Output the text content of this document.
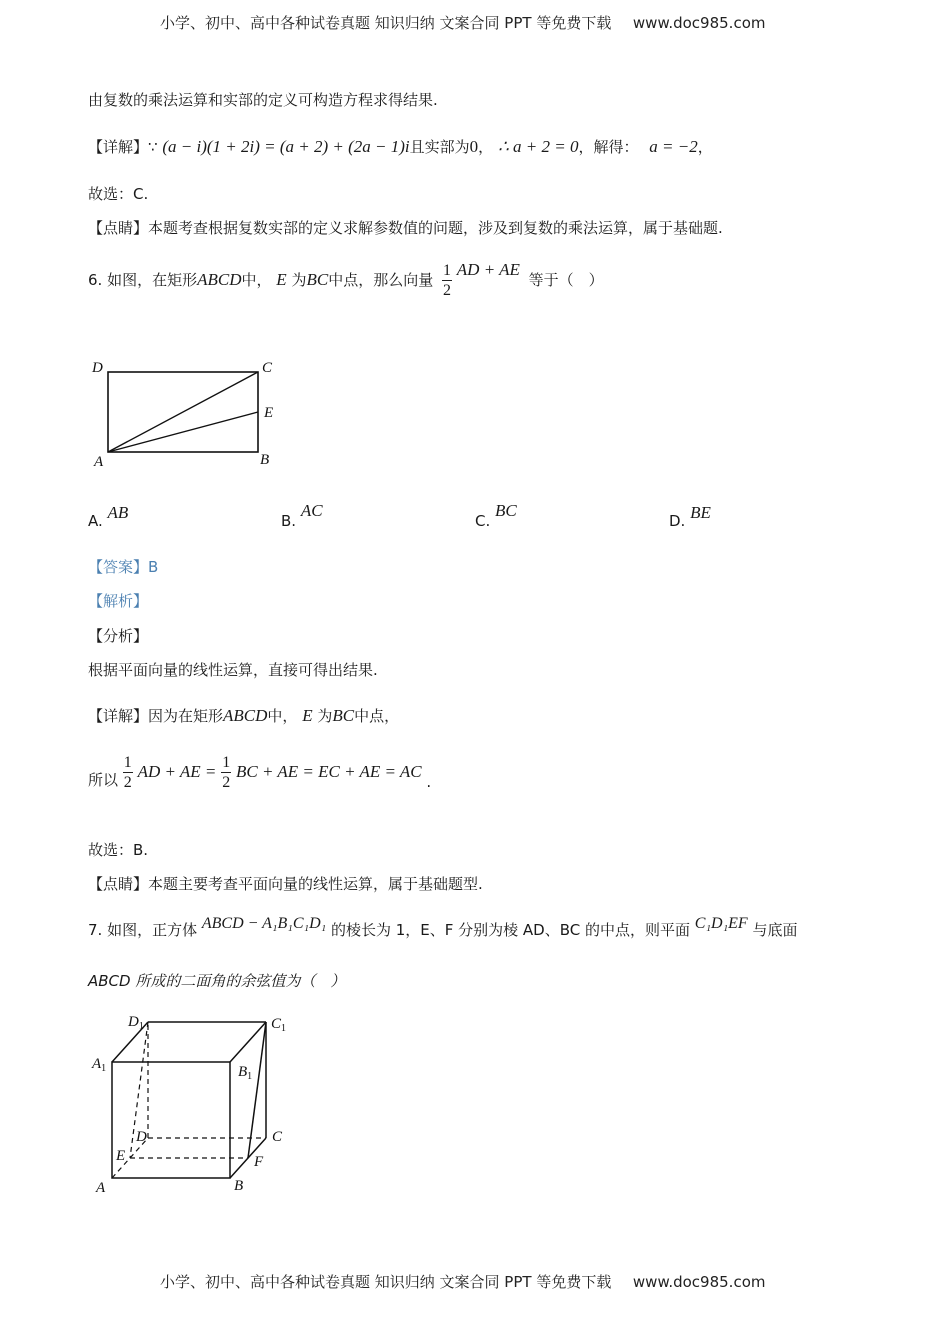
小学、初中、高中各种试卷真题 知识归纳 文案合同 PPT 等免费下载 www.doc985.com
由复数的乘法运算和实部的定义可构造方程求得结果.
【详解】∵ (a − i)(1 + 2i) = (a + 2) + (2a − 1)i且实部为0， ∴ a + 2 = 0，解得： a = −2，
故选：C.
【点睛】本题考查根据复数实部的定义求解参数值的问题，涉及到复数的乘法运算，属于基础题.
6. 如图，在矩形ABCD中， E 为BC中点，那么向量 $\frac{1}{2}$ AD + AE 等于（　）
D	C
E
A	B
A. AB	B. AC
C. BC
D. BE
【答案】B
【解析】
【分析】
根据平面向量的线性运算，直接可得出结果.
【详解】因为在矩形ABCD中， E 为BC中点，
所以 $\frac{1}{2}$ AD + AE = $\frac{1}{2}$ BC + AE = EC + AE = AC .
故选：B.
【点睛】本题主要考查平面向量的线性运算，属于基础题型.
7. 如图，正方体 ABCD − A₁B₁C₁D₁ 的棱长为 1，E、F 分别为棱 AD、BC 的中点，则平面 C₁D₁EF 与底面
ABCD 所成的二面角的余弦值为（　）
$D_1$	$C_1$
$A_1$	$B_1$
D	C
E	F
A	B
小学、初中、高中各种试卷真题 知识归纳 文案合同 PPT 等免费下载 www.doc985.com
